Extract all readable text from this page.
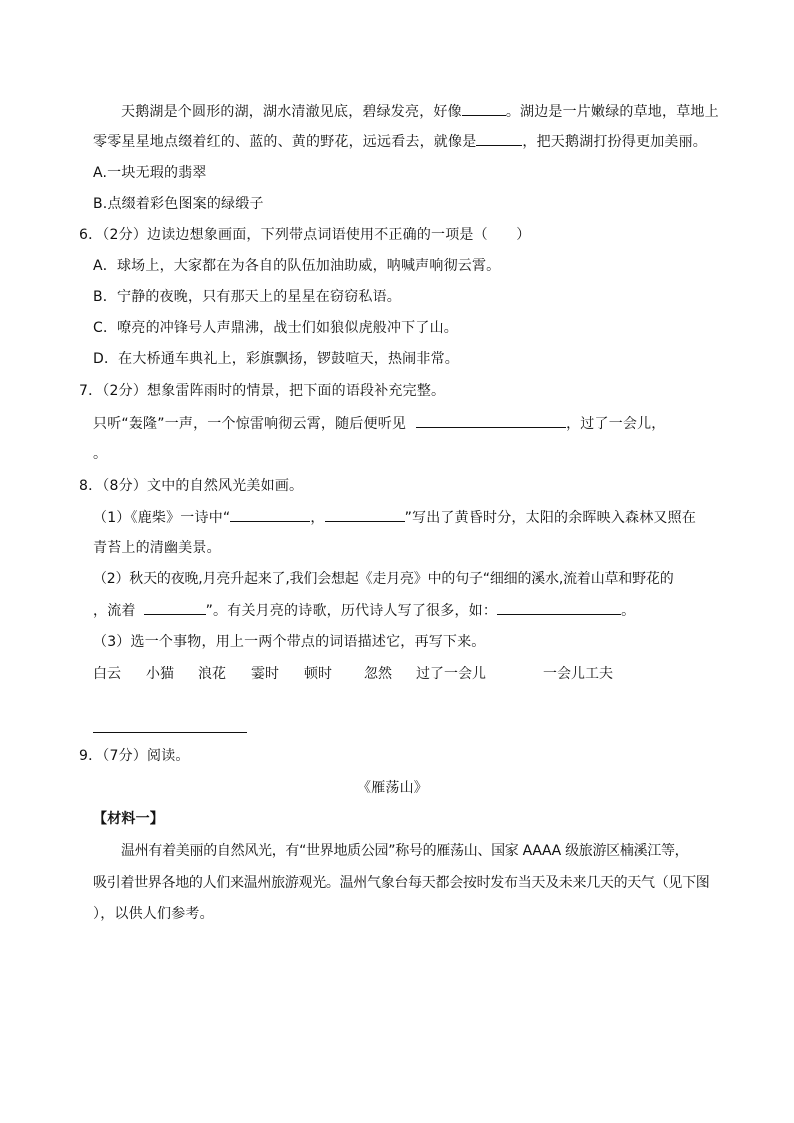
天鹅湖是个圆形的湖，湖水清澈见底，碧绿发亮，好像	。湖边是一片嫩绿的草地，草地上
零零星星地点缀着红的、蓝的、黄的野花，远远看去，就像是	，把天鹅湖打扮得更加美丽。
A.一块无瑕的翡翠
B.点缀着彩色图案的绿缎子
6．（2分）边读边想象画面，下列带点词语使用不正确的一项是（　　）
A．球场上，大家都在为各自的队伍加油助威，呐喊声响彻云霄。
B．宁静的夜晚，只有那天上的星星在窃窃私语。
C．嘹亮的冲锋号人声鼎沸，战士们如狼似虎般冲下了山。
D．在大桥通车典礼上，彩旗飘扬，锣鼓喧天，热闹非常。
7．（2分）想象雷阵雨时的情景，把下面的语段补充完整。
只听“轰隆”一声，一个惊雷响彻云霄，随后便听见	，过了一会儿，
。
8．（8分）文中的自然风光美如画。
（1）《鹿柴》一诗中“	，	”写出了黄昏时分，太阳的余晖映入森林又照在
青苔上的清幽美景。
（2）秋天的夜晚,月亮升起来了,我们会想起《走月亮》中的句子“细细的溪水,流着山草和野花的
，流着	”。有关月亮的诗歌，历代诗人写了很多，如：	。
（3）选一个事物，用上一两个带点的词语描述它，再写下来。
白云 小猫 浪花 霎时 顿时 忽然 过了一会儿	一会儿工夫
9．（7分）阅读。
《雁荡山》
【材料一】
温州有着美丽的自然风光，有“世界地质公园”称号的雁荡山、国家 AAAA 级旅游区楠溪江等，
吸引着世界各地的人们来温州旅游观光。温州气象台每天都会按时发布当天及未来几天的天气（见下图
），以供人们参考。
